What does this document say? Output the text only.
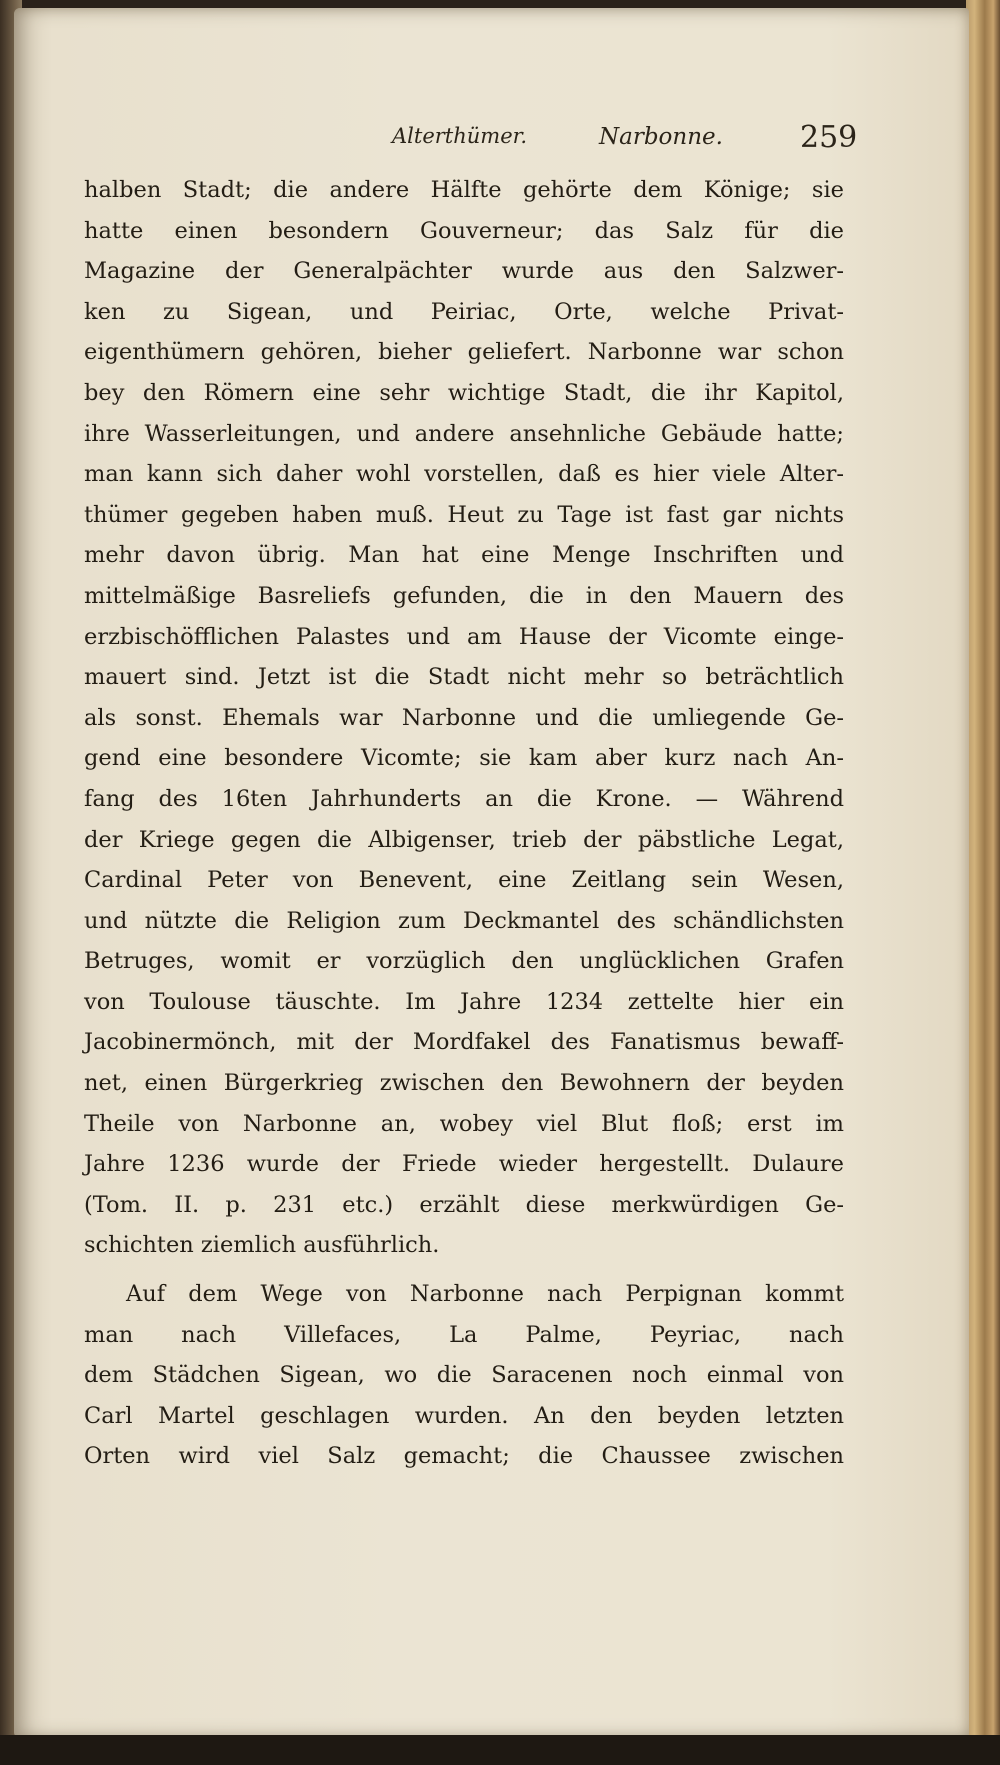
Alterthümer.	Narbonne.	259
halben Stadt; die andere Hälfte gehörte dem Könige; sie
hatte einen besondern Gouverneur; das Salz für die
Magazine der Generalpächter wurde aus den Salzwer-
ken zu Sigean, und Peiriac, Orte, welche Privat-
eigenthümern gehören, bieher geliefert. Narbonne war schon
bey den Römern eine sehr wichtige Stadt, die ihr Kapitol,
ihre Wasserleitungen, und andere ansehnliche Gebäude hatte;
man kann sich daher wohl vorstellen, daß es hier viele Alter-
thümer gegeben haben muß. Heut zu Tage ist fast gar nichts
mehr davon übrig. Man hat eine Menge Inschriften und
mittelmäßige Basreliefs gefunden, die in den Mauern des
erzbischöfflichen Palastes und am Hause der Vicomte einge-
mauert sind. Jetzt ist die Stadt nicht mehr so beträchtlich
als sonst. Ehemals war Narbonne und die umliegende Ge-
gend eine besondere Vicomte; sie kam aber kurz nach An-
fang des 16ten Jahrhunderts an die Krone. — Während
der Kriege gegen die Albigenser, trieb der päbstliche Legat,
Cardinal Peter von Benevent, eine Zeitlang sein Wesen,
und nützte die Religion zum Deckmantel des schändlichsten
Betruges, womit er vorzüglich den unglücklichen Grafen
von Toulouse täuschte. Im Jahre 1234 zettelte hier ein
Jacobinermönch, mit der Mordfakel des Fanatismus bewaff-
net, einen Bürgerkrieg zwischen den Bewohnern der beyden
Theile von Narbonne an, wobey viel Blut floß; erst im
Jahre 1236 wurde der Friede wieder hergestellt. Dulaure
(Tom. II. p. 231 etc.) erzählt diese merkwürdigen Ge-
schichten ziemlich ausführlich.
Auf dem Wege von Narbonne nach Perpignan kommt
man nach Villefaces, La Palme, Peyriac, nach
dem Städchen Sigean, wo die Saracenen noch einmal von
Carl Martel geschlagen wurden. An den beyden letzten
Orten wird viel Salz gemacht; die Chaussee zwischen
